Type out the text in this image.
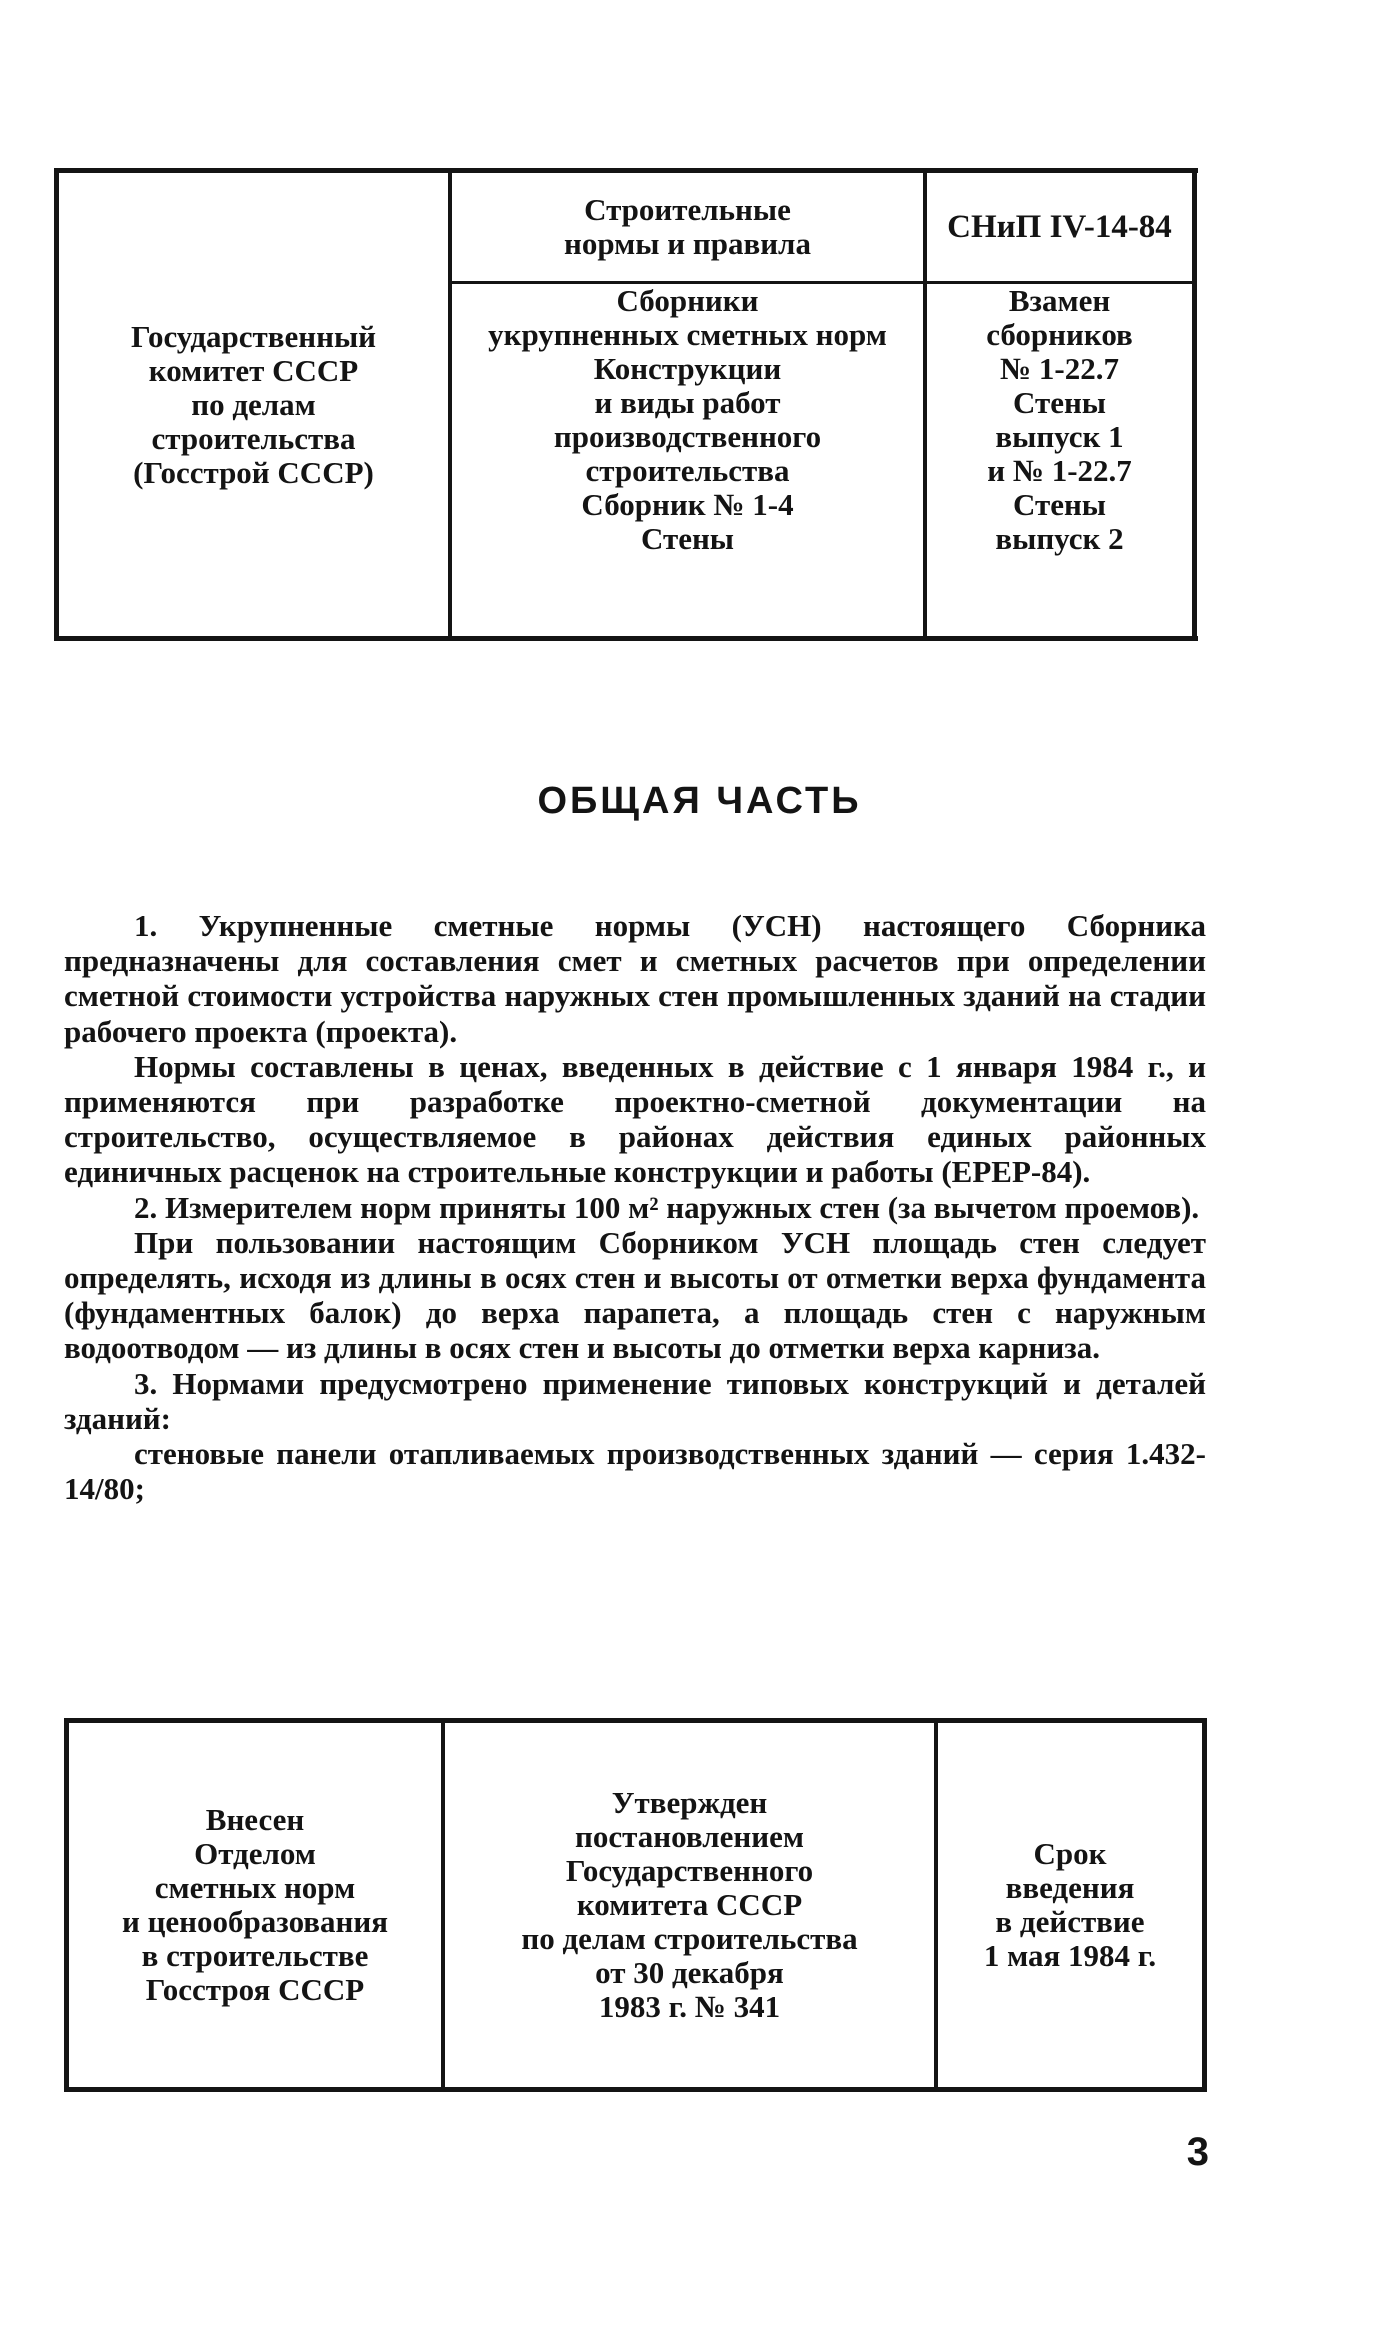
Государственный
комитет СССР
по делам
строительства
(Госстрой СССР)
Строительные
нормы и правила	СНиП IV-14-84
Сборники
укрупненных сметных норм
Конструкции
и виды работ
производственного
строительства
Сборник № 1-4
Стены
Взамен
сборников
№ 1-22.7
Стены
выпуск 1
и № 1-22.7
Стены
выпуск 2
ОБЩАЯ ЧАСТЬ

1. Укрупненные сметные нормы (УСН) настоящего Сборника предназначены для составления смет и сметных расчетов при определении сметной стоимости устройства наружных стен промышленных зданий на стадии рабочего проекта (проекта).

Нормы составлены в ценах, введенных в действие с 1 января 1984 г., и применяются при разработке проектно-сметной документации на строительство, осуществляемое в районах действия единых районных единичных расценок на строительные конструкции и работы (ЕРЕР-84).

2. Измерителем норм приняты 100 м² наружных стен (за вычетом проемов).

При пользовании настоящим Сборником УСН площадь стен следует определять, исходя из длины в осях стен и высоты от отметки верха фундамента (фундаментных балок) до верха парапета, а площадь стен с наружным водоотводом — из длины в осях стен и высоты до отметки верха карниза.

3. Нормами предусмотрено применение типовых конструкций и деталей зданий:

стеновые панели отапливаемых производственных зданий — серия 1.432-14/80;

Внесен
Отделом
сметных норм
и ценообразования
в строительстве
Госстроя СССР
Утвержден
постановлением
Государственного
комитета СССР
по делам строительства
от 30 декабря
1983 г. № 341
Срок
введения
в действие
1 мая 1984 г.
3
